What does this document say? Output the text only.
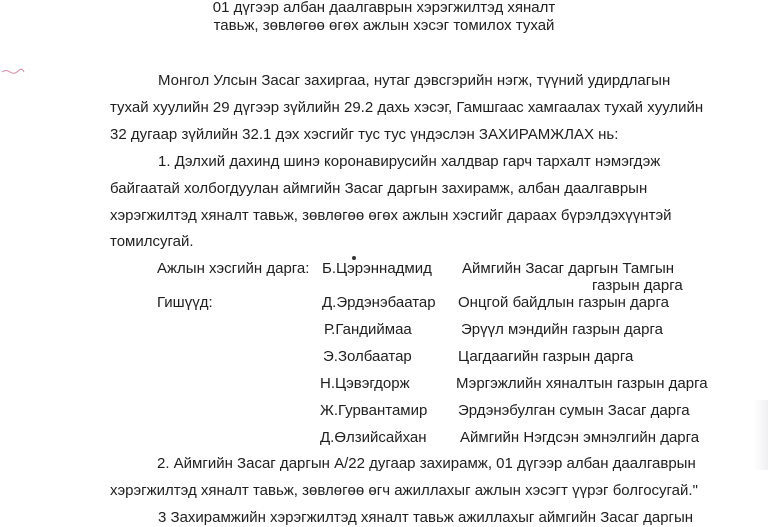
01 дүгээр албан даалгаврын хэрэгжилтэд хяналт
тавьж, зөвлөгөө өгөх ажлын хэсэг томилох тухай
Монгол Улсын Засаг захиргаа, нутаг дэвсгэрийн нэгж, түүний удирдлагын
тухай хуулийн 29 дүгээр зүйлийн 29.2 дахь хэсэг, Гамшгаас хамгаалах тухай хуулийн
32 дугаар зүйлийн 32.1 дэх хэсгийг тус тус үндэслэн ЗАХИРАМЖЛАХ нь:
1. Дэлхий дахинд шинэ коронавирусийн халдвар гарч тархалт нэмэгдэж
байгаатай холбогдуулан аймгийн Засаг даргын захирамж, албан даалгаврын
хэрэгжилтэд хяналт тавьж, зөвлөгөө өгөх ажлын хэсгийг дараах бүрэлдэхүүнтэй
томилсугай.
Ажлын хэсгийн дарга: Б.Цэрэннадмид Аймгийн Засаг даргын Тамгын
газрын дарга
Гишүүд:	Д.Эрдэнэбаатар Онцгой байдлын газрын дарга
Р.Гандиймаа	Эрүүл мэндийн газрын дарга
Э.Золбаатар	Цагдаагийн газрын дарга
Н.Цэвэгдорж	Мэргэжлийн хяналтын газрын дарга
Ж.Гурвантамир Эрдэнэбулган сумын Засаг дарга
Д.Өлзийсайхан Аймгийн Нэгдсэн эмнэлгийн дарга
2. Аймгийн Засаг даргын А/22 дугаар захирамж, 01 дүгээр албан даалгаврын
хэрэгжилтэд хяналт тавьж, зөвлөгөө өгч ажиллахыг ажлын хэсэгт үүрэг болгосугай."
3 Захирамжийн хэрэгжилтэд хяналт тавьж ажиллахыг аймгийн Засаг даргын
